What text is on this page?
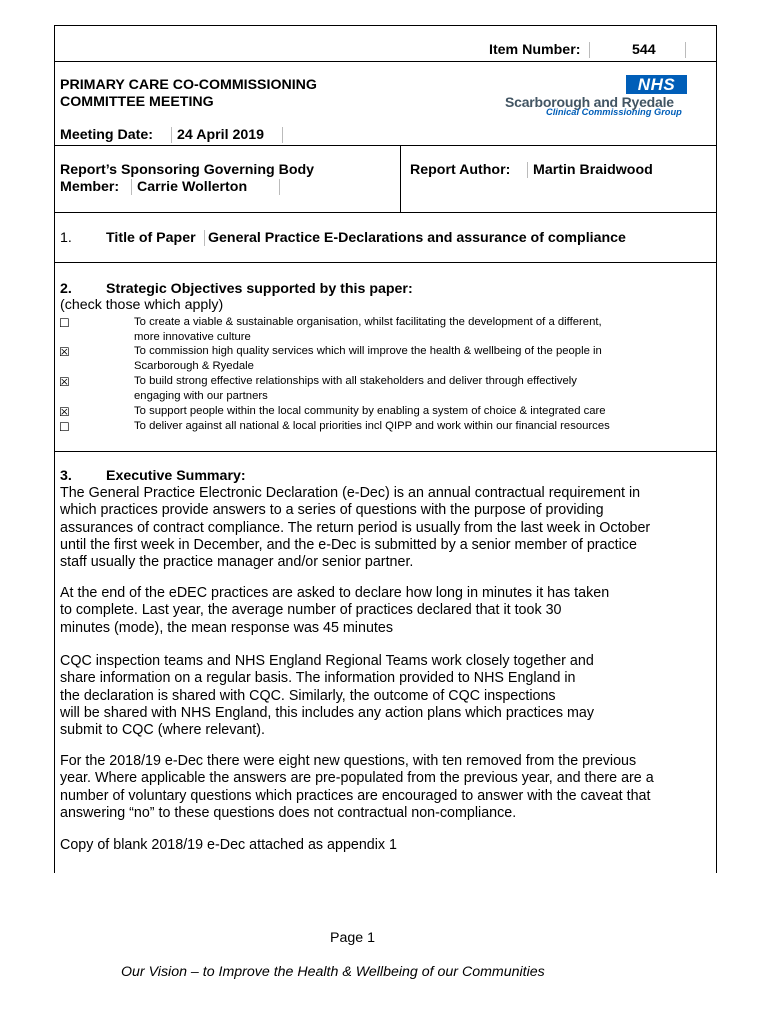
Item Number:	544
PRIMARY CARE CO-COMMISSIONING
COMMITTEE MEETING
NHS
Scarborough and Ryedale
Clinical Commissioning Group
Meeting Date: 24 April 2019
Report’s Sponsoring Governing Body
Member: Carrie Wollerton
Report Author: Martin Braidwood
1. Title of Paper General Practice E-Declarations and assurance of compliance
2. Strategic Objectives supported by this paper:
(check those which apply)
☐	To create a viable & sustainable organisation, whilst facilitating the development of a different,
more innovative culture
☒	To commission high quality services which will improve the health & wellbeing of the people in
Scarborough & Ryedale
☒	To build strong effective relationships with all stakeholders and deliver through effectively
engaging with our partners
☒	To support people within the local community by enabling a system of choice & integrated care
☐	To deliver against all national & local priorities incl QIPP and work within our financial resources
3. Executive Summary:
The General Practice Electronic Declaration (e-Dec) is an annual contractual requirement in
which practices provide answers to a series of questions with the purpose of providing
assurances of contract compliance. The return period is usually from the last week in October
until the first week in December, and the e-Dec is submitted by a senior member of practice
staff usually the practice manager and/or senior partner.
At the end of the eDEC practices are asked to declare how long in minutes it has taken
to complete. Last year, the average number of practices declared that it took 30
minutes (mode), the mean response was 45 minutes
CQC inspection teams and NHS England Regional Teams work closely together and
share information on a regular basis. The information provided to NHS England in
the declaration is shared with CQC. Similarly, the outcome of CQC inspections
will be shared with NHS England, this includes any action plans which practices may
submit to CQC (where relevant).
For the 2018/19 e-Dec there were eight new questions, with ten removed from the previous
year. Where applicable the answers are pre-populated from the previous year, and there are a
number of voluntary questions which practices are encouraged to answer with the caveat that
answering “no” to these questions does not contractual non-compliance.
Copy of blank 2018/19 e-Dec attached as appendix 1
Page 1
Our Vision – to Improve the Health & Wellbeing of our Communities
